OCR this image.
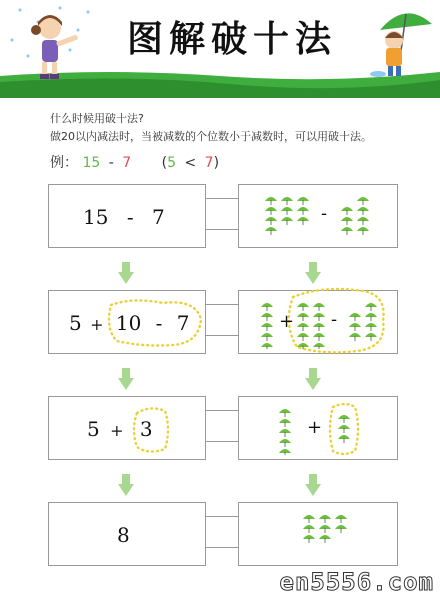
图解破十法
什么时候用破十法?
做20以内减法时，当被减数的个位数小于减数时，可以用破十法。
例： 15 - 7 (5 < 7)
15 - 7	-
5 + 10 - 7	+ -
5 + 3	+
8
en5556.com
